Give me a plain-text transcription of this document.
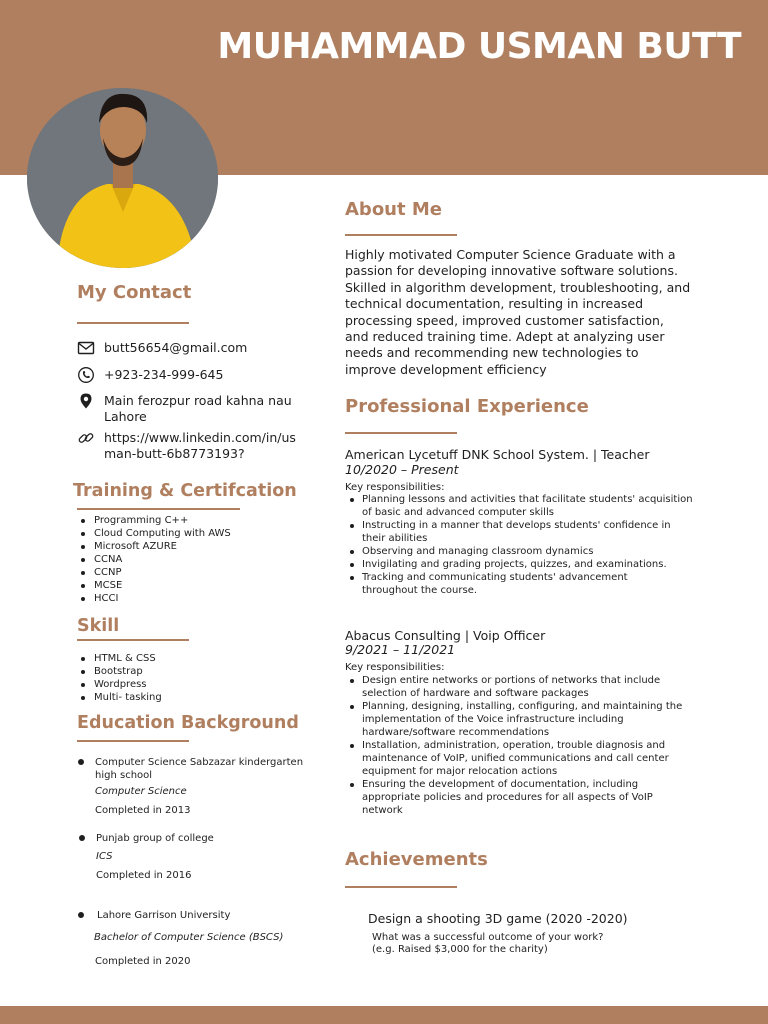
MUHAMMAD USMAN BUTT
About Me
Highly motivated Computer Science Graduate with a
passion for developing innovative software solutions.
Skilled in algorithm development, troubleshooting, and
technical documentation, resulting in increased
processing speed, improved customer satisfaction,
and reduced training time. Adept at analyzing user
needs and recommending new technologies to
improve development efficiency
My Contact
butt56654@gmail.com
+923-234-999-645
Main ferozpur road kahna nau
Lahore
https://www.linkedin.com/in/us
man-butt-6b8773193?
Training & Certifcation
Programming C++
Cloud Computing with AWS
Microsoft AZURE
CCNA
CCNP
MCSE
HCCI
Skill
HTML & CSS
Bootstrap
Wordpress
Multi- tasking
Education Background
Computer Science Sabzazar kindergarten
high school
Computer Science
Completed in 2013
Punjab group of college
ICS
Completed in 2016
Lahore Garrison University
Bachelor of Computer Science (BSCS)
Completed in 2020
Professional Experience
American Lycetuff DNK School System. | Teacher
10/2020 – Present
Key responsibilities:
Planning lessons and activities that facilitate students' acquisition
of basic and advanced computer skills
Instructing in a manner that develops students' confidence in
their abilities
Observing and managing classroom dynamics
Invigilating and grading projects, quizzes, and examinations.
Tracking and communicating students' advancement
throughout the course.
Abacus Consulting | Voip Officer
9/2021 – 11/2021
Key responsibilities:
Design entire networks or portions of networks that include
selection of hardware and software packages
Planning, designing, installing, configuring, and maintaining the
implementation of the Voice infrastructure including
hardware/software recommendations
Installation, administration, operation, trouble diagnosis and
maintenance of VoIP, unified communications and call center
equipment for major relocation actions
Ensuring the development of documentation, including
appropriate policies and procedures for all aspects of VoIP
network
Achievements
Design a shooting 3D game (2020 -2020)
What was a successful outcome of your work?
(e.g. Raised $3,000 for the charity)
